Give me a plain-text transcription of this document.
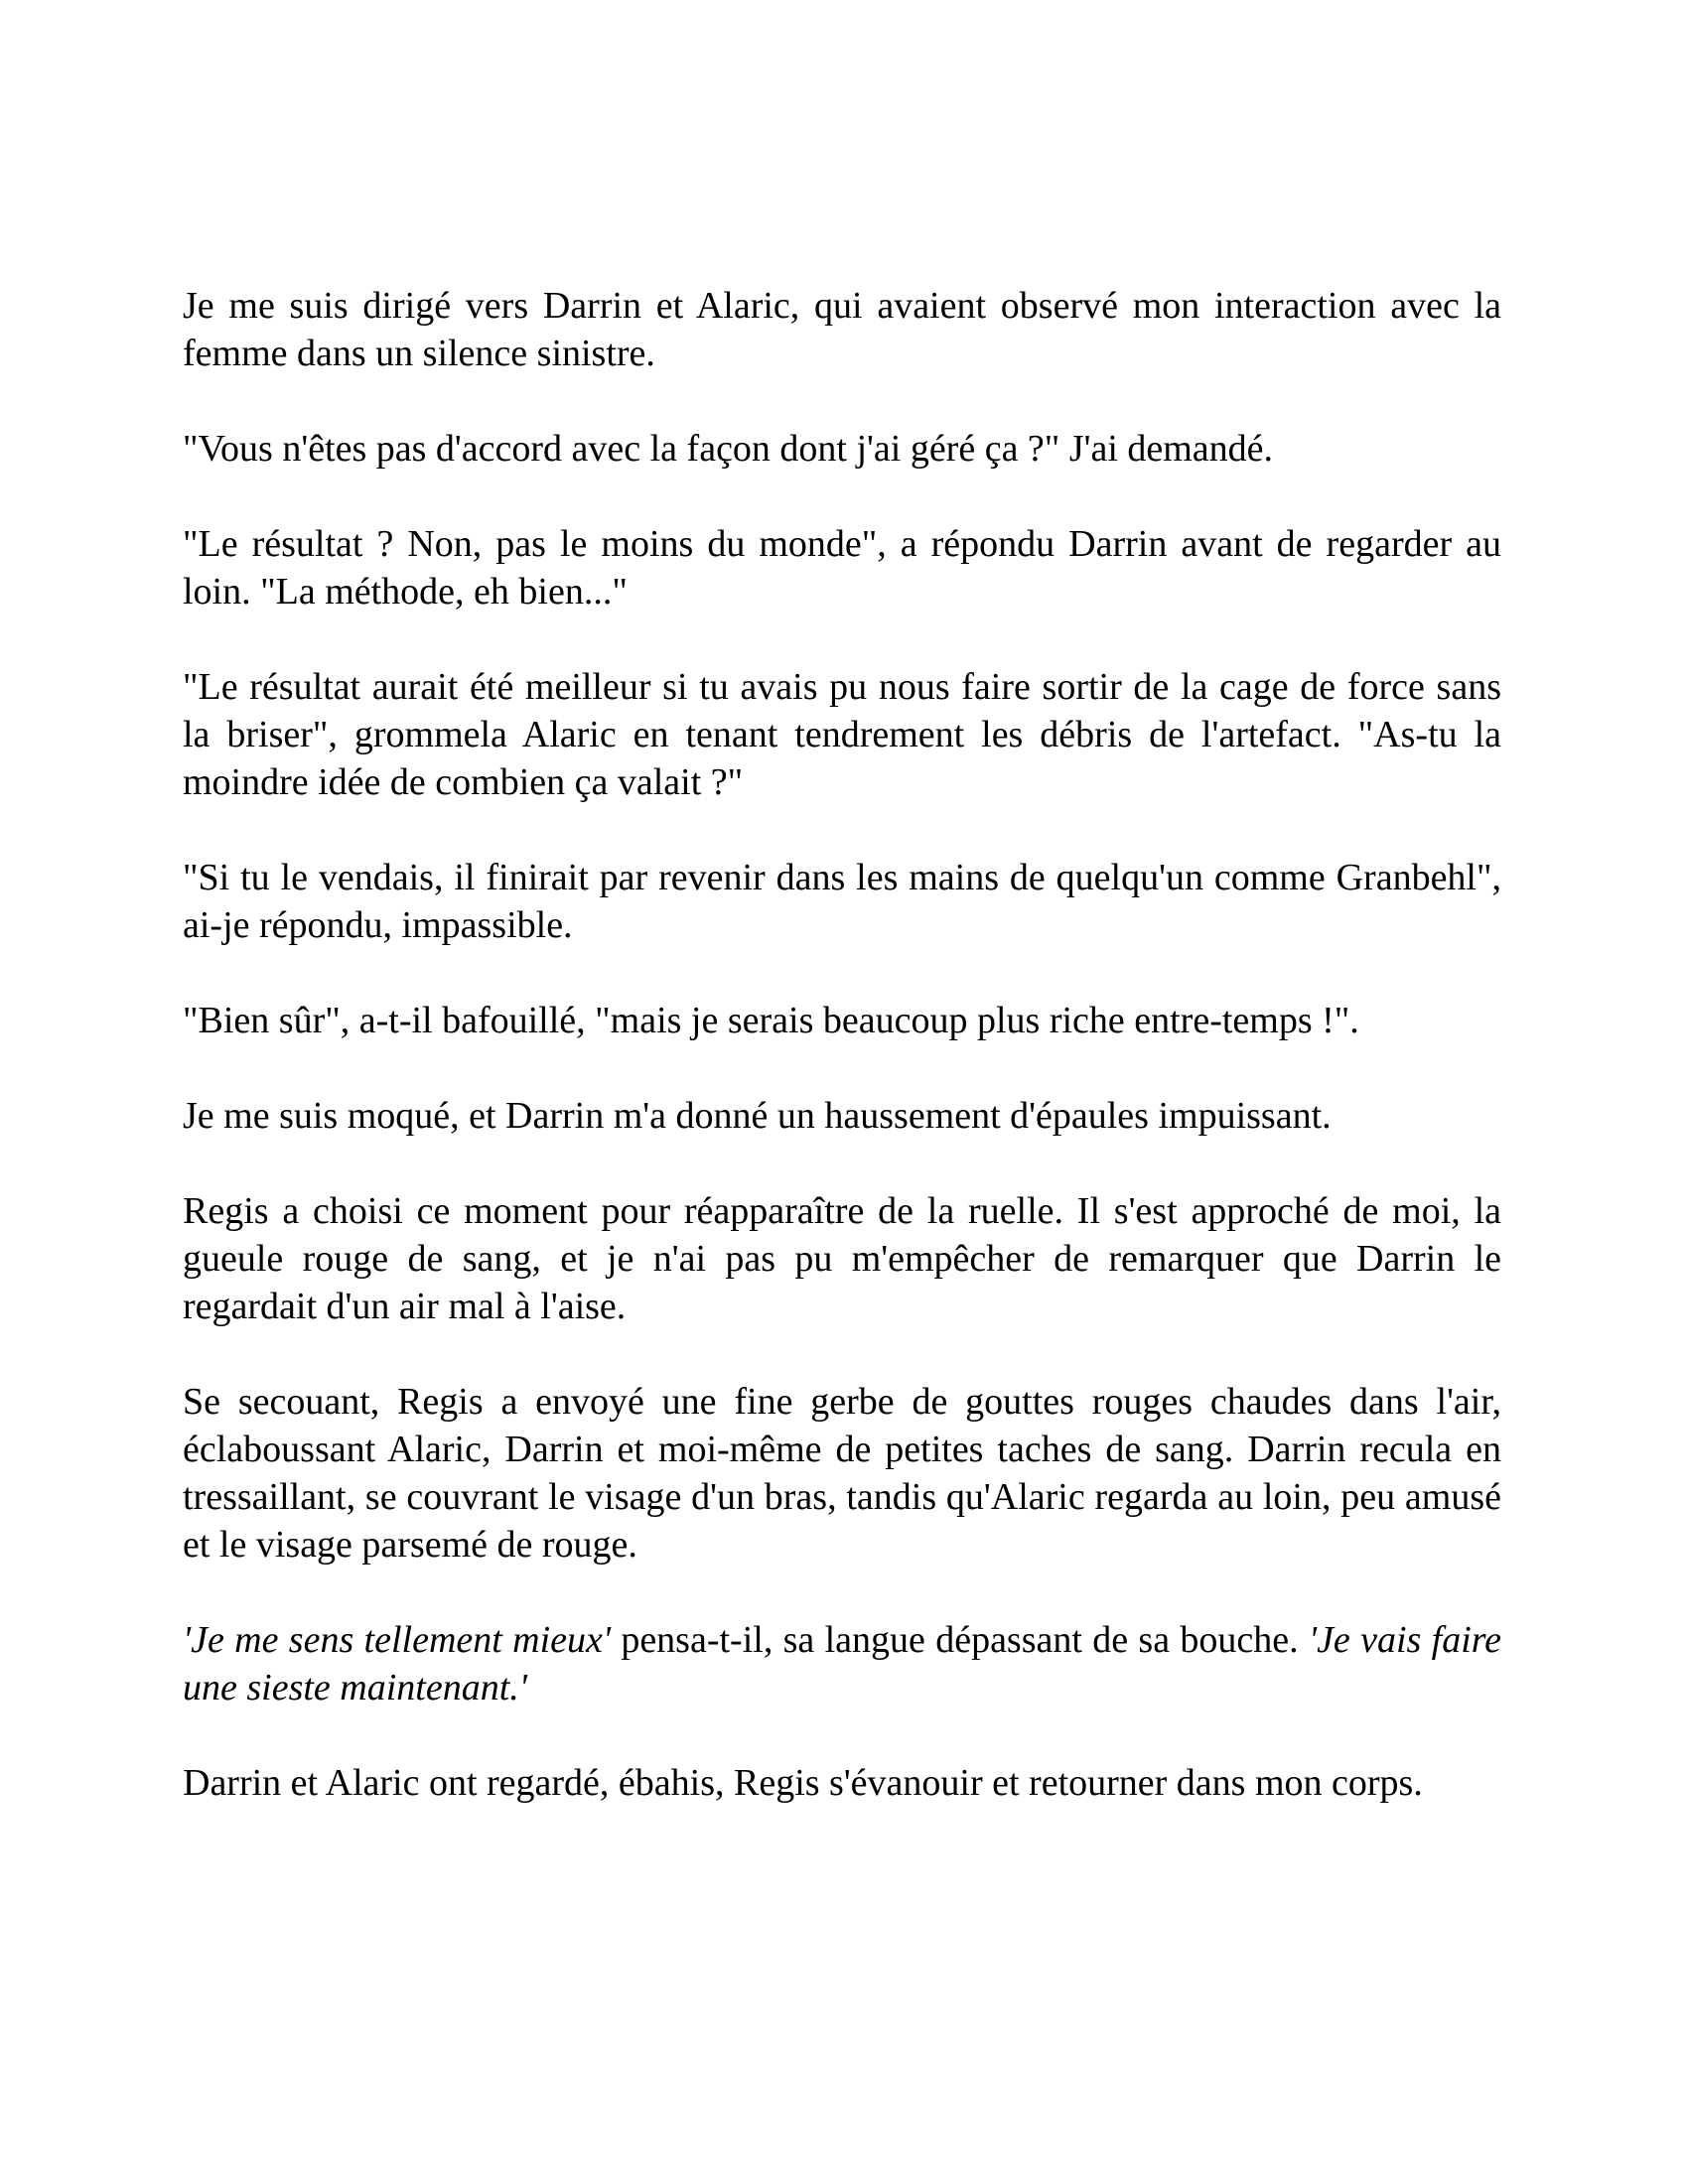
Je me suis dirigé vers Darrin et Alaric, qui avaient observé mon interaction avec la femme dans un silence sinistre.

"Vous n'êtes pas d'accord avec la façon dont j'ai géré ça ?" J'ai demandé.

"Le résultat ? Non, pas le moins du monde", a répondu Darrin avant de regarder au loin. "La méthode, eh bien..."

"Le résultat aurait été meilleur si tu avais pu nous faire sortir de la cage de force sans la briser", grommela Alaric en tenant tendrement les débris de l'artefact. "As-tu la moindre idée de combien ça valait ?"

"Si tu le vendais, il finirait par revenir dans les mains de quelqu'un comme Granbehl", ai-je répondu, impassible.

"Bien sûr", a-t-il bafouillé, "mais je serais beaucoup plus riche entre-temps !".

Je me suis moqué, et Darrin m'a donné un haussement d'épaules impuissant.

Regis a choisi ce moment pour réapparaître de la ruelle. Il s'est approché de moi, la gueule rouge de sang, et je n'ai pas pu m'empêcher de remarquer que Darrin le regardait d'un air mal à l'aise.

Se secouant, Regis a envoyé une fine gerbe de gouttes rouges chaudes dans l'air, éclaboussant Alaric, Darrin et moi-même de petites taches de sang. Darrin recula en tressaillant, se couvrant le visage d'un bras, tandis qu'Alaric regarda au loin, peu amusé et le visage parsemé de rouge.

'Je me sens tellement mieux' pensa-t-il, sa langue dépassant de sa bouche. 'Je vais faire une sieste maintenant.'

Darrin et Alaric ont regardé, ébahis, Regis s'évanouir et retourner dans mon corps.
